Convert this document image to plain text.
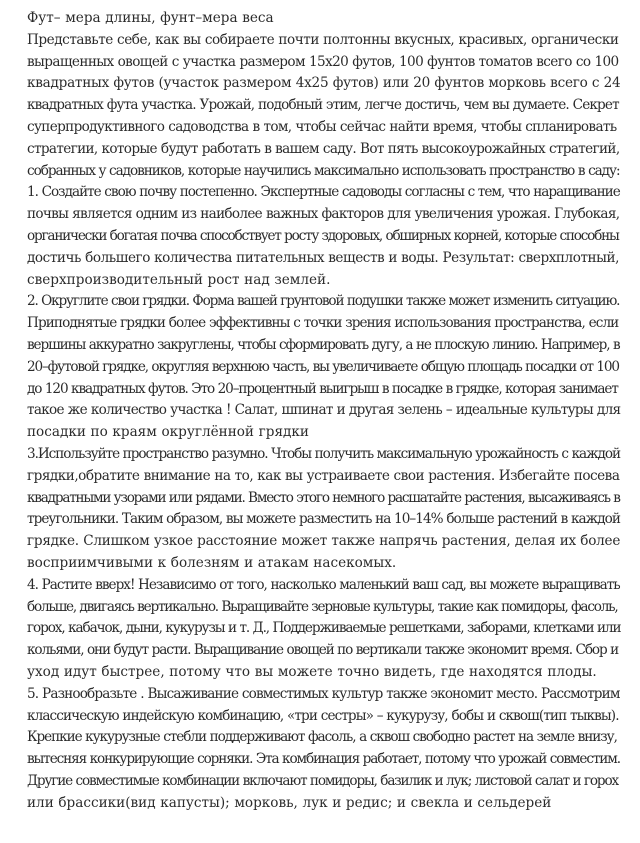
Фут– мера длины, фунт–мера веса

Представьте себе, как вы собираете почти полтонны вкусных, красивых, органически

выращенных овощей с участка размером 15x20 футов, 100 фунтов томатов всего со 100

квадратных футов (участок размером 4x25 футов) или 20 фунтов морковь всего с 24

квадратных фута участка. Урожай, подобный этим, легче достичь, чем вы думаете. Секрет

суперпродуктивного садоводства в том, чтобы сейчас найти время, чтобы спланировать

стратегии, которые будут работать в вашем саду. Вот пять высокоурожайных стратегий,

собранных у садовников, которые научились максимально использовать пространство в саду:

1. Создайте свою почву постепенно. Экспертные садоводы согласны с тем, что наращивание

почвы является одним из наиболее важных факторов для увеличения урожая. Глубокая,

органически богатая почва способствует росту здоровых, обширных корней, которые способны

достичь большего количества питательных веществ и воды. Результат: сверхплотный,

сверхпроизводительный рост над землей.

2. Округлите свои грядки. Форма вашей грунтовой подушки также может изменить ситуацию.

Приподнятые грядки более эффективны с точки зрения использования пространства, если

вершины аккуратно закруглены, чтобы сформировать дугу, а не плоскую линию. Например, в

20–футовой грядке, округляя верхнюю часть, вы увеличиваете общую площадь посадки от 100

до 120 квадратных футов. Это 20–процентный выигрыш в посадке в грядке, которая занимает

такое же количество участка ! Салат, шпинат и другая зелень – идеальные культуры для

посадки по краям округлённой грядки

3.Используйте пространство разумно. Чтобы получить максимальную урожайность с каждой

грядки,обратите внимание на то, как вы устраиваете свои растения. Избегайте посева

квадратными узорами или рядами. Вместо этого немного расшатайте растения, высаживаясь в

треугольники. Таким образом, вы можете разместить на 10–14% больше растений в каждой

грядке. Слишком узкое расстояние может также напрячь растения, делая их более

восприимчивыми к болезням и атакам насекомых.

4. Растите вверх! Независимо от того, насколько маленький ваш сад, вы можете выращивать

больше, двигаясь вертикально. Выращивайте зерновые культуры, такие как помидоры, фасоль,

горох, кабачок, дыни, кукурузы и т. Д., Поддерживаемые решетками, заборами, клетками или

кольями, они будут расти. Выращивание овощей по вертикали также экономит время. Сбор и

уход идут быстрее, потому что вы можете точно видеть, где находятся плоды.

5. Разнообразьте . Высаживание совместимых культур также экономит место. Рассмотрим

классическую индейскую комбинацию, «три сестры» – кукурузу, бобы и сквош(тип тыквы).

Крепкие кукурузные стебли поддерживают фасоль, а сквош свободно растет на земле внизу,

вытесняя конкурирующие сорняки. Эта комбинация работает, потому что урожай совместим.

Другие совместимые комбинации включают помидоры, базилик и лук; листовой салат и горох

или брассики(вид капусты); морковь, лук и редис; и свекла и сельдерей
